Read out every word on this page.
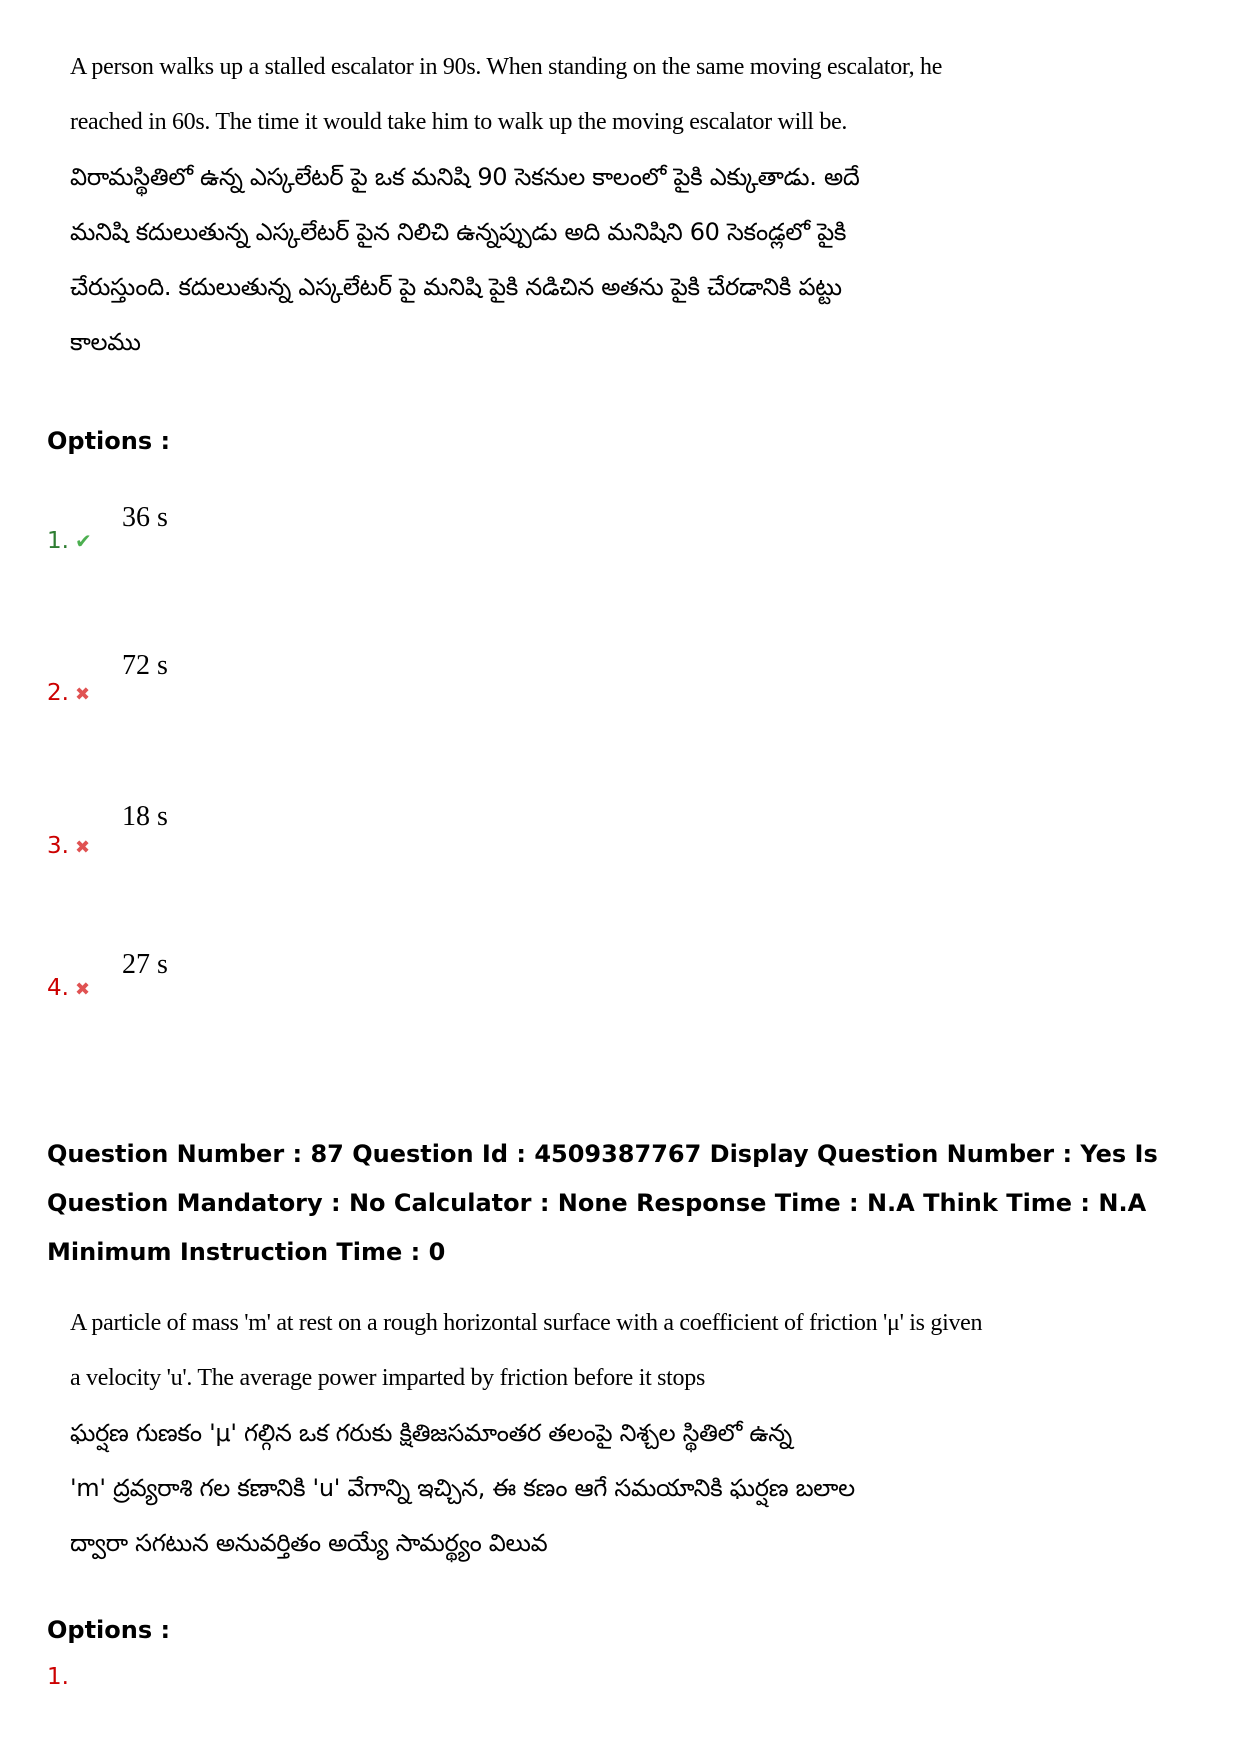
A person walks up a stalled escalator in 90s. When standing on the same moving escalator, he
reached in 60s. The time it would take him to walk up the moving escalator will be.
విరామస్థితిలో ఉన్న ఎస్కలేటర్ పై ఒక మనిషి 90 సెకనుల కాలంలో పైకి ఎక్కుతాడు. అదే
మనిషి కదులుతున్న ఎస్కలేటర్ పైన నిలిచి ఉన్నప్పుడు అది మనిషిని 60 సెకండ్లలో పైకి
చేరుస్తుంది. కదులుతున్న ఎస్కలేటర్ పై మనిషి పైకి నడిచిన అతను పైకి చేరడానికి పట్టు
కాలము
Options :
36 s
1. ✔
72 s
2. ✖
18 s
3. ✖
27 s
4. ✖
Question Number : 87 Question Id : 4509387767 Display Question Number : Yes Is Question Mandatory : No Calculator : None Response Time : N.A Think Time : N.A Minimum Instruction Time : 0
A particle of mass 'm' at rest on a rough horizontal surface with a coefficient of friction 'μ' is given
a velocity 'u'. The average power imparted by friction before it stops
ఘర్షణ గుణకం 'μ' గల్గిన ఒక గరుకు క్షితిజసమాంతర తలంపై నిశ్చల స్థితిలో ఉన్న
'm' ద్రవ్యరాశి గల కణానికి 'u' వేగాన్ని ఇచ్చిన, ఈ కణం ఆగే సమయానికి ఘర్షణ బలాల
ద్వారా సగటున అనువర్తితం అయ్యే సామర్థ్యం విలువ
Options :
1.
